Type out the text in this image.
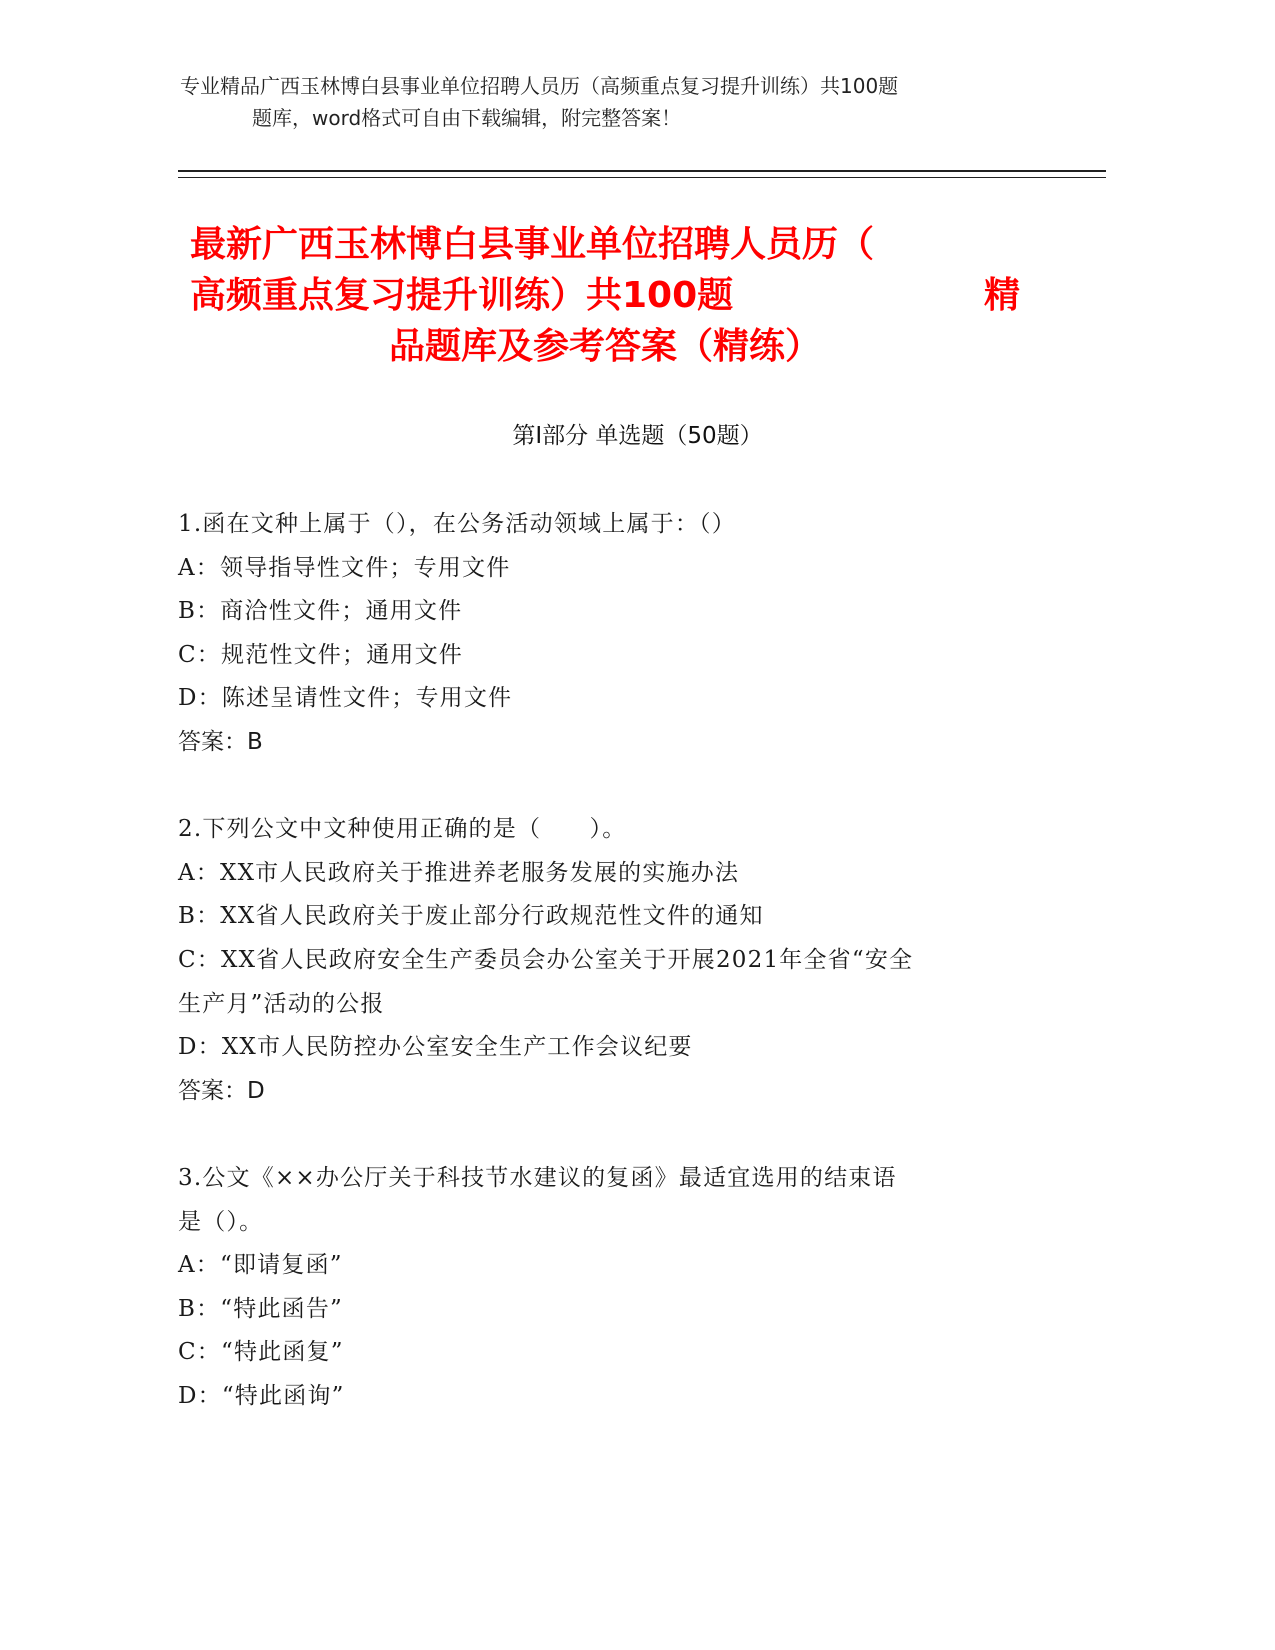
专业精品广西玉林博白县事业单位招聘人员历（高频重点复习提升训练）共100题
题库，word格式可自由下载编辑，附完整答案！
最新广西玉林博白县事业单位招聘人员历（
高频重点复习提升训练）共100题	精
品题库及参考答案（精练）
第Ⅰ部分 单选题（50题）
1.函在文种上属于（），在公务活动领域上属于：（）
A：领导指导性文件；专用文件
B：商洽性文件；通用文件
C：规范性文件；通用文件
D：陈述呈请性文件；专用文件
答案：B
2.下列公文中文种使用正确的是（　　）。
A：XX市人民政府关于推进养老服务发展的实施办法
B：XX省人民政府关于废止部分行政规范性文件的通知
C：XX省人民政府安全生产委员会办公室关于开展2021年全省“安全
生产月”活动的公报
D：XX市人民防控办公室安全生产工作会议纪要
答案：D
3.公文《××办公厅关于科技节水建议的复函》最适宜选用的结束语
是（）。
A：“即请复函”
B：“特此函告”
C：“特此函复”
D：“特此函询”
